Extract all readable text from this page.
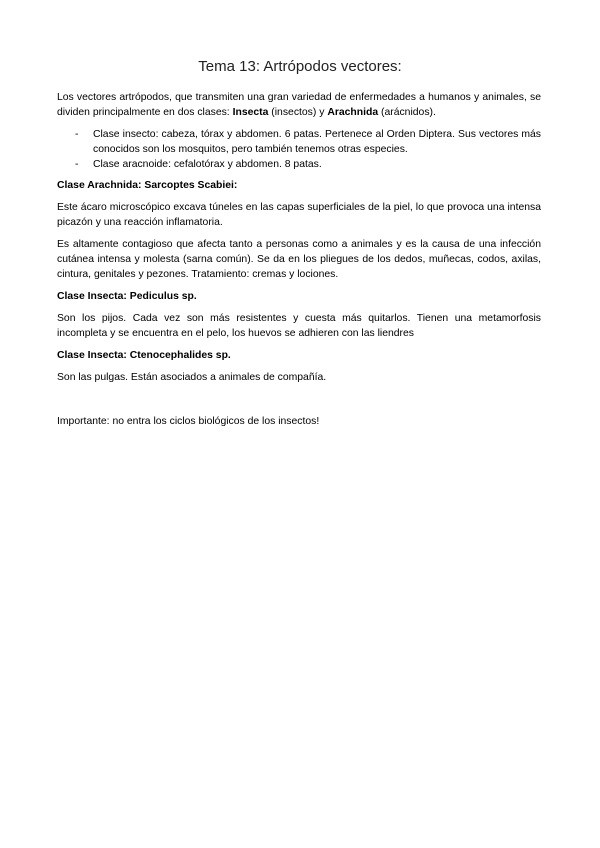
Tema 13: Artrópodos vectores:

Los vectores artrópodos, que transmiten una gran variedad de enfermedades a humanos y animales, se dividen principalmente en dos clases: Insecta (insectos) y Arachnida (arácnidos).

- Clase insecto: cabeza, tórax y abdomen. 6 patas. Pertenece al Orden Diptera. Sus vectores más conocidos son los mosquitos, pero también tenemos otras especies.
- Clase aracnoide: cefalotórax y abdomen. 8 patas.

Clase Arachnida: Sarcoptes Scabiei:

Este ácaro microscópico excava túneles en las capas superficiales de la piel, lo que provoca una intensa picazón y una reacción inflamatoria.

Es altamente contagioso que afecta tanto a personas como a animales y es la causa de una infección cutánea intensa y molesta (sarna común). Se da en los pliegues de los dedos, muñecas, codos, axilas, cintura, genitales y pezones. Tratamiento: cremas y lociones.

Clase Insecta: Pediculus sp.

Son los pijos. Cada vez son más resistentes y cuesta más quitarlos. Tienen una metamorfosis incompleta y se encuentra en el pelo, los huevos se adhieren con las liendres

Clase Insecta: Ctenocephalides sp.

Son las pulgas. Están asociados a animales de compañía.

Importante: no entra los ciclos biológicos de los insectos!
